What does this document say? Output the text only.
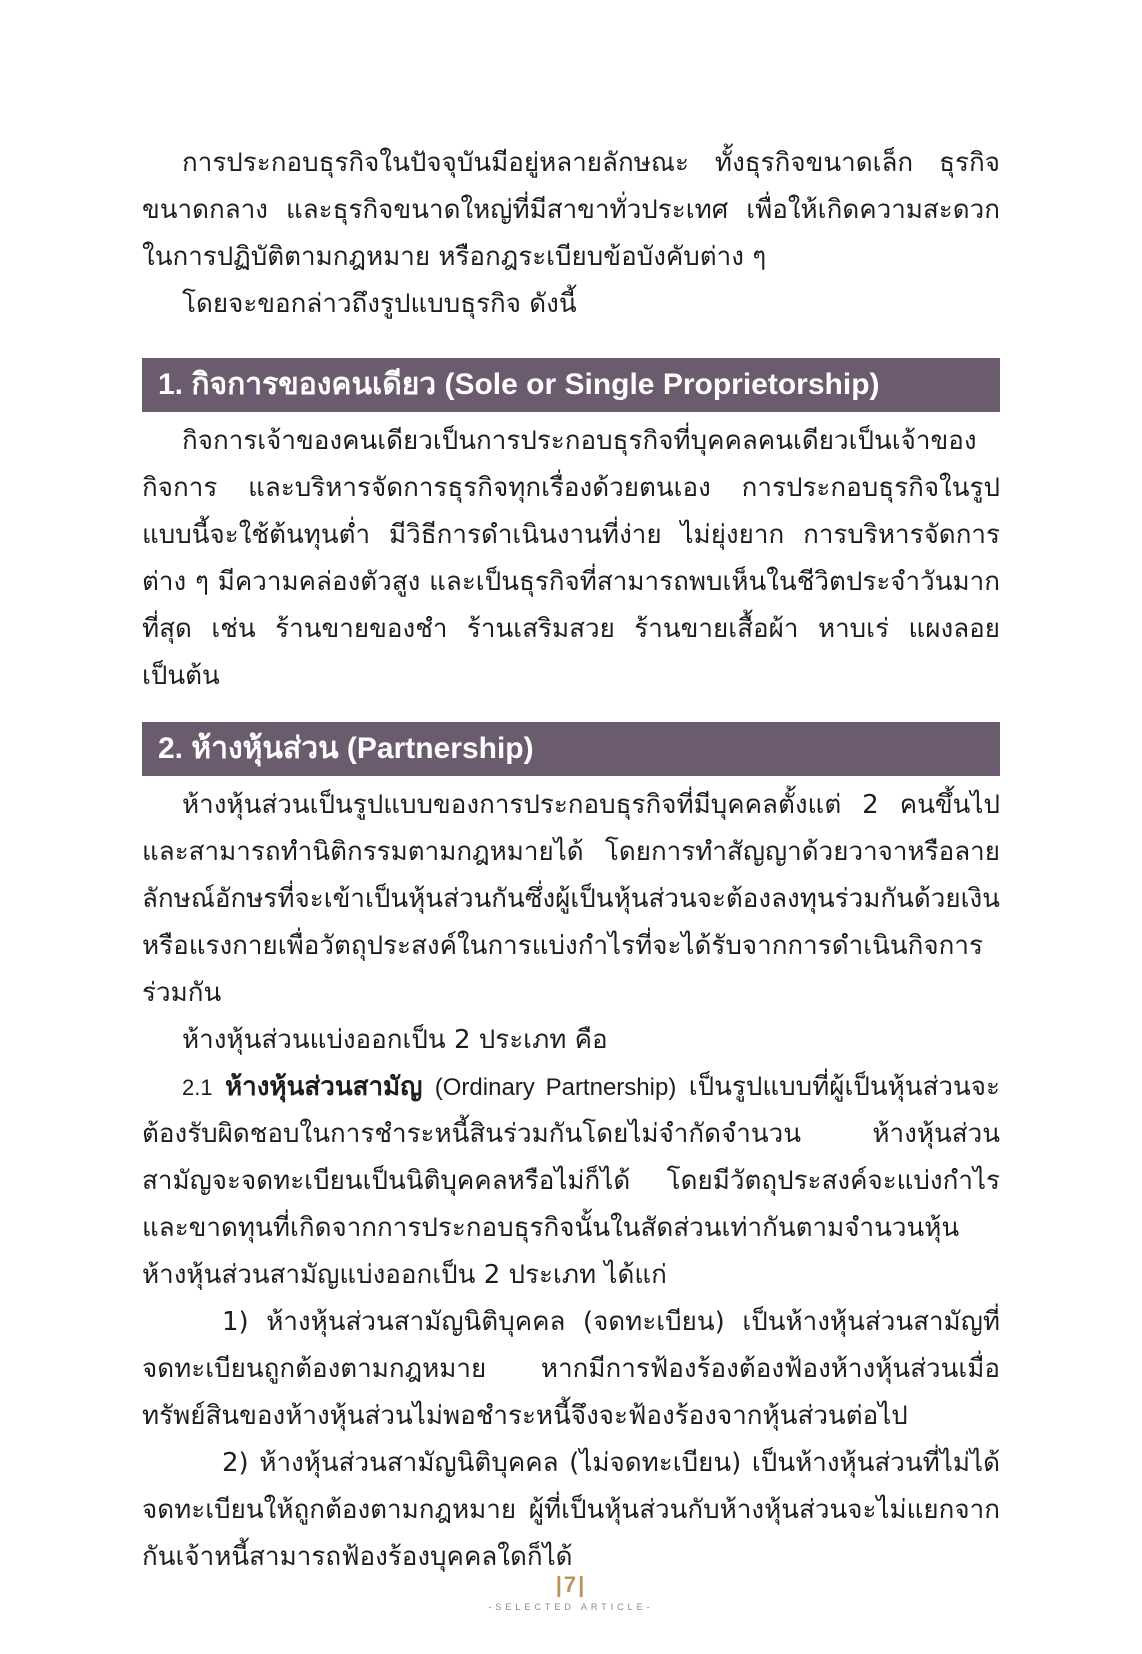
การประกอบธุรกิจในปัจจุบันมีอยู่หลายลักษณะ ทั้งธุรกิจขนาดเล็ก ธุรกิจขนาดกลาง และธุรกิจขนาดใหญ่ที่มีสาขาทั่วประเทศ เพื่อให้เกิดความสะดวกในการปฏิบัติตามกฎหมาย หรือกฎระเบียบข้อบังคับต่าง ๆ

โดยจะขอกล่าวถึงรูปแบบธุรกิจ ดังนี้

1. กิจการของคนเดียว (Sole or Single Proprietorship)

กิจการเจ้าของคนเดียวเป็นการประกอบธุรกิจที่บุคคลคนเดียวเป็นเจ้าของกิจการ และบริหารจัดการธุรกิจทุกเรื่องด้วยตนเอง การประกอบธุรกิจในรูปแบบนี้จะใช้ต้นทุนต่ำ มีวิธีการดำเนินงานที่ง่าย ไม่ยุ่งยาก การบริหารจัดการต่าง ๆ มีความคล่องตัวสูง และเป็นธุรกิจที่สามารถพบเห็นในชีวิตประจำวันมากที่สุด เช่น ร้านขายของชำ ร้านเสริมสวย ร้านขายเสื้อผ้า หาบเร่ แผงลอย เป็นต้น

2. ห้างหุ้นส่วน (Partnership)

ห้างหุ้นส่วนเป็นรูปแบบของการประกอบธุรกิจที่มีบุคคลตั้งแต่ 2 คนขึ้นไป และสามารถทำนิติกรรมตามกฎหมายได้ โดยการทำสัญญาด้วยวาจาหรือลายลักษณ์อักษรที่จะเข้าเป็นหุ้นส่วนกันซึ่งผู้เป็นหุ้นส่วนจะต้องลงทุนร่วมกันด้วยเงินหรือแรงกายเพื่อวัตถุประสงค์ในการแบ่งกำไรที่จะได้รับจากการดำเนินกิจการร่วมกัน

ห้างหุ้นส่วนแบ่งออกเป็น 2 ประเภท คือ

2.1 ห้างหุ้นส่วนสามัญ (Ordinary Partnership) เป็นรูปแบบที่ผู้เป็นหุ้นส่วนจะต้องรับผิดชอบในการชำระหนี้สินร่วมกันโดยไม่จำกัดจำนวน ห้างหุ้นส่วนสามัญจะจดทะเบียนเป็นนิติบุคคลหรือไม่ก็ได้ โดยมีวัตถุประสงค์จะแบ่งกำไรและขาดทุนที่เกิดจากการประกอบธุรกิจนั้นในสัดส่วนเท่ากันตามจำนวนหุ้น ห้างหุ้นส่วนสามัญแบ่งออกเป็น 2 ประเภท ได้แก่

1) ห้างหุ้นส่วนสามัญนิติบุคคล (จดทะเบียน) เป็นห้างหุ้นส่วนสามัญที่จดทะเบียนถูกต้องตามกฎหมาย หากมีการฟ้องร้องต้องฟ้องห้างหุ้นส่วนเมื่อทรัพย์สินของห้างหุ้นส่วนไม่พอชำระหนี้จึงจะฟ้องร้องจากหุ้นส่วนต่อไป

2) ห้างหุ้นส่วนสามัญนิติบุคคล (ไม่จดทะเบียน) เป็นห้างหุ้นส่วนที่ไม่ได้จดทะเบียนให้ถูกต้องตามกฎหมาย ผู้ที่เป็นหุ้นส่วนกับห้างหุ้นส่วนจะไม่แยกจากกันเจ้าหนี้สามารถฟ้องร้องบุคคลใดก็ได้

|7|
-SELECTED ARTICLE-
